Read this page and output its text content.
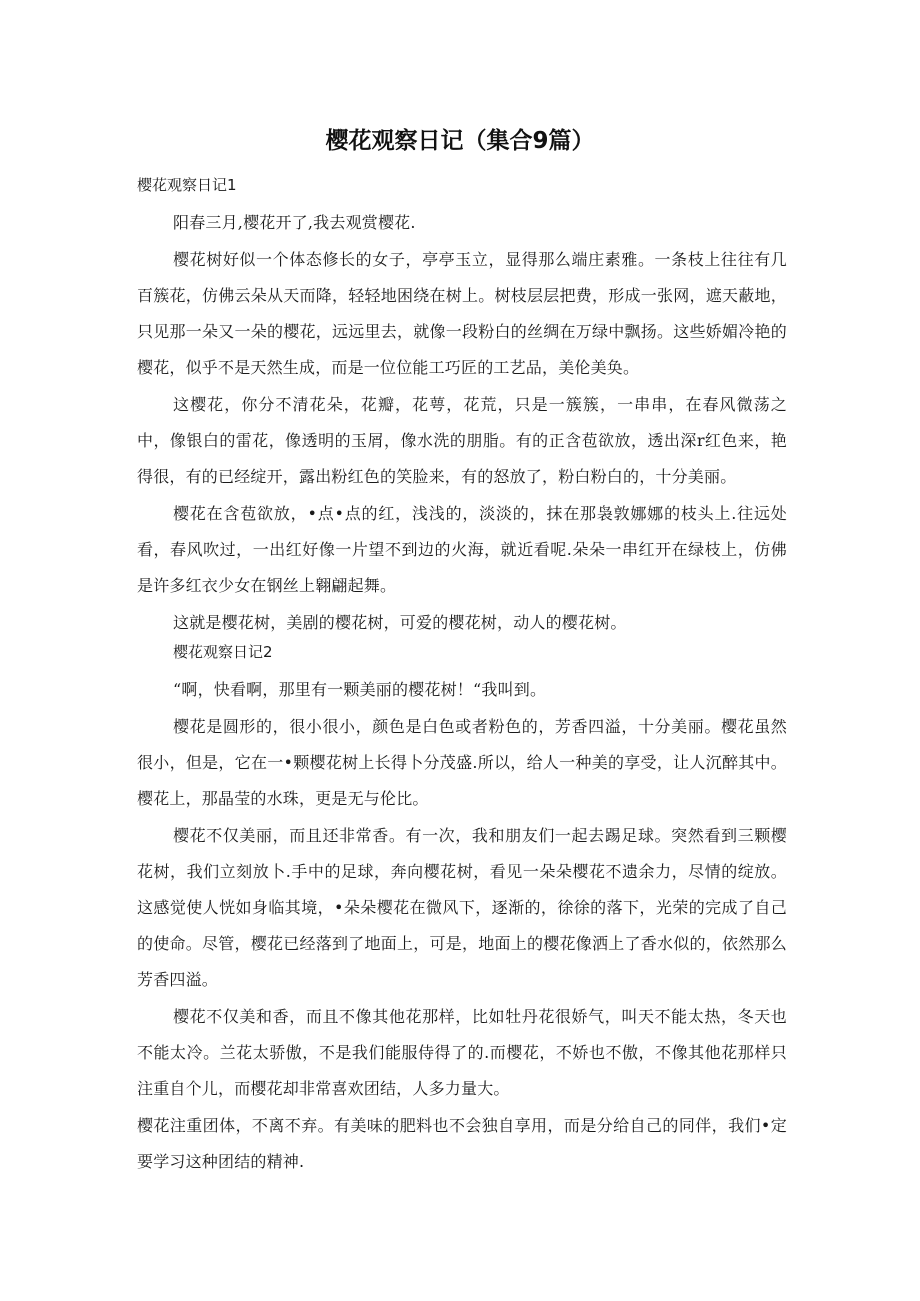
樱花观察日记（集合9篇）
樱花观察日记1

阳春三月,樱花开了,我去观赏樱花.

樱花树好似一个体态修长的女子，亭亭玉立，显得那么端庄素雅。一条枝上往往有几百簇花，仿佛云朵从天而降，轻轻地困绕在树上。树枝层层把费，形成一张网，遮天蔽地，只见那一朵又一朵的樱花，远远里去，就像一段粉白的丝绸在万绿中飘扬。这些娇媚冷艳的樱花，似乎不是天然生成，而是一位位能工巧匠的工艺品，美伦美奂。

这樱花，你分不清花朵，花瓣，花萼，花荒，只是一簇簇，一串串，在春风微荡之中，像银白的雷花，像透明的玉屑，像水洗的朋脂。有的正含苞欲放，透出深r红色来，艳得很，有的已经绽开，露出粉红色的笑脸来，有的怒放了，粉白粉白的，十分美丽。

樱花在含苞欲放，•点•点的红，浅浅的，淡淡的，抹在那袅敦娜娜的枝头上.往远处看，春风吹过，一出红好像一片望不到边的火海，就近看呢.朵朵一串红开在绿枝上，仿佛是许多红衣少女在钢丝上翱翩起舞。

这就是樱花树，美剧的樱花树，可爱的樱花树，动人的樱花树。

樱花观察日记2

“啊，快看啊，那里有一颗美丽的樱花树！“我叫到。

樱花是圆形的，很小很小，颜色是白色或者粉色的，芳香四溢，十分美丽。樱花虽然很小，但是，它在一•颗樱花树上长得卜分茂盛.所以，给人一种美的享受，让人沉醉其中。樱花上，那晶莹的水珠，更是无与伦比。

樱花不仅美丽，而且还非常香。有一次，我和朋友们一起去踢足球。突然看到三颗樱花树，我们立刻放卜.手中的足球，奔向樱花树，看见一朵朵樱花不遗余力，尽情的绽放。这感觉使人恍如身临其境，•朵朵樱花在微风下，逐渐的，徐徐的落下，光荣的完成了自己的使命。尽管，樱花已经落到了地面上，可是，地面上的樱花像洒上了香水似的，依然那么芳香四溢。

樱花不仅美和香，而且不像其他花那样，比如牡丹花很娇气，叫天不能太热，冬天也不能太冷。兰花太骄傲，不是我们能服侍得了的.而樱花，不娇也不傲，不像其他花那样只注重自个儿，而樱花却非常喜欢团结，人多力量大。

樱花注重团体，不离不弃。有美味的肥料也不会独自享用，而是分给自己的同伴，我们•定要学习这种团结的精神.
